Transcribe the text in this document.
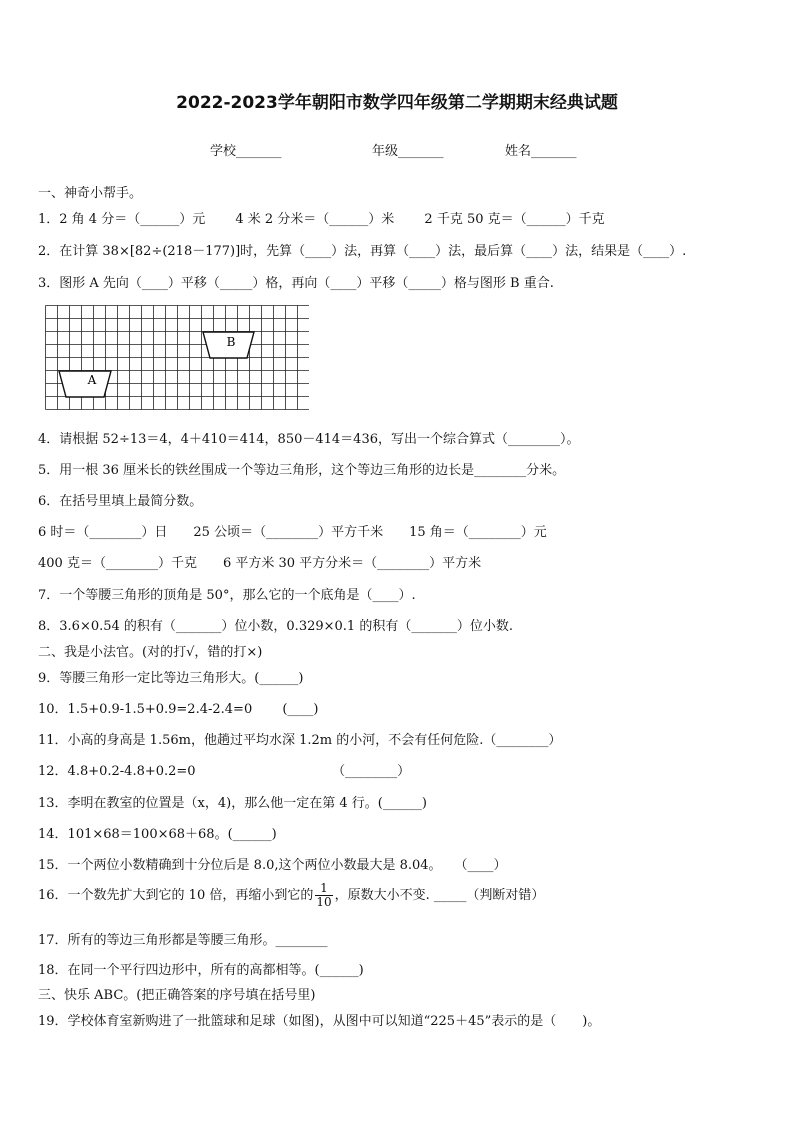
2022-2023学年朝阳市数学四年级第二学期期末经典试题
学校_______	年级_______	姓名_______
一、神奇小帮手。
1．2 角 4 分＝（______）元　　 4 米 2 分米＝（______）米　　 2 千克 50 克＝（______）千克
2．在计算 38×[82÷(218－177)]时，先算（____）法，再算（____）法，最后算（____）法，结果是（____）.
3．图形 A 先向（____）平移（_____）格，再向（____）平移（_____）格与图形 B 重合.
B
A
4．请根据 52÷13＝4，4＋410＝414，850－414＝436，写出一个综合算式（________）。
5．用一根 36 厘米长的铁丝围成一个等边三角形，这个等边三角形的边长是________分米。
6．在括号里填上最简分数。
6 时＝（________）日　　25 公顷＝（________）平方千米　　15 角＝（________）元
400 克＝（________）千克　　6 平方米 30 平方分米＝（________）平方米
7．一个等腰三角形的顶角是 50°，那么它的一个底角是（____）.
8．3.6×0.54 的积有（_______）位小数，0.329×0.1 的积有（_______）位小数.
二、我是小法官。(对的打√，错的打×)
9．等腰三角形一定比等边三角形大。(______)
10．1.5+0.9-1.5+0.9=2.4-2.4=0　　 (____)
11．小高的身高是 1.56m，他趟过平均水深 1.2m 的小河，不会有任何危险.（________）
12．4.8+0.2-4.8+0.2=0　　　　　　　　　　　（________）
13．李明在教室的位置是（x，4)，那么他一定在第 4 行。(______)
14．101×68＝100×68＋68。(______)
15．一个两位小数精确到十分位后是 8.0,这个两位小数最大是 8.04。　　（____）
16．一个数先扩大到它的 10 倍，再缩小到它的 $\frac{1}{10}$ ，原数大小不变. _____（判断对错）
17．所有的等边三角形都是等腰三角形。________
18．在同一个平行四边形中，所有的高都相等。(______)
三、快乐 ABC。(把正确答案的序号填在括号里)
19．学校体育室新购进了一批篮球和足球（如图)，从图中可以知道“225＋45”表示的是（　　)。
